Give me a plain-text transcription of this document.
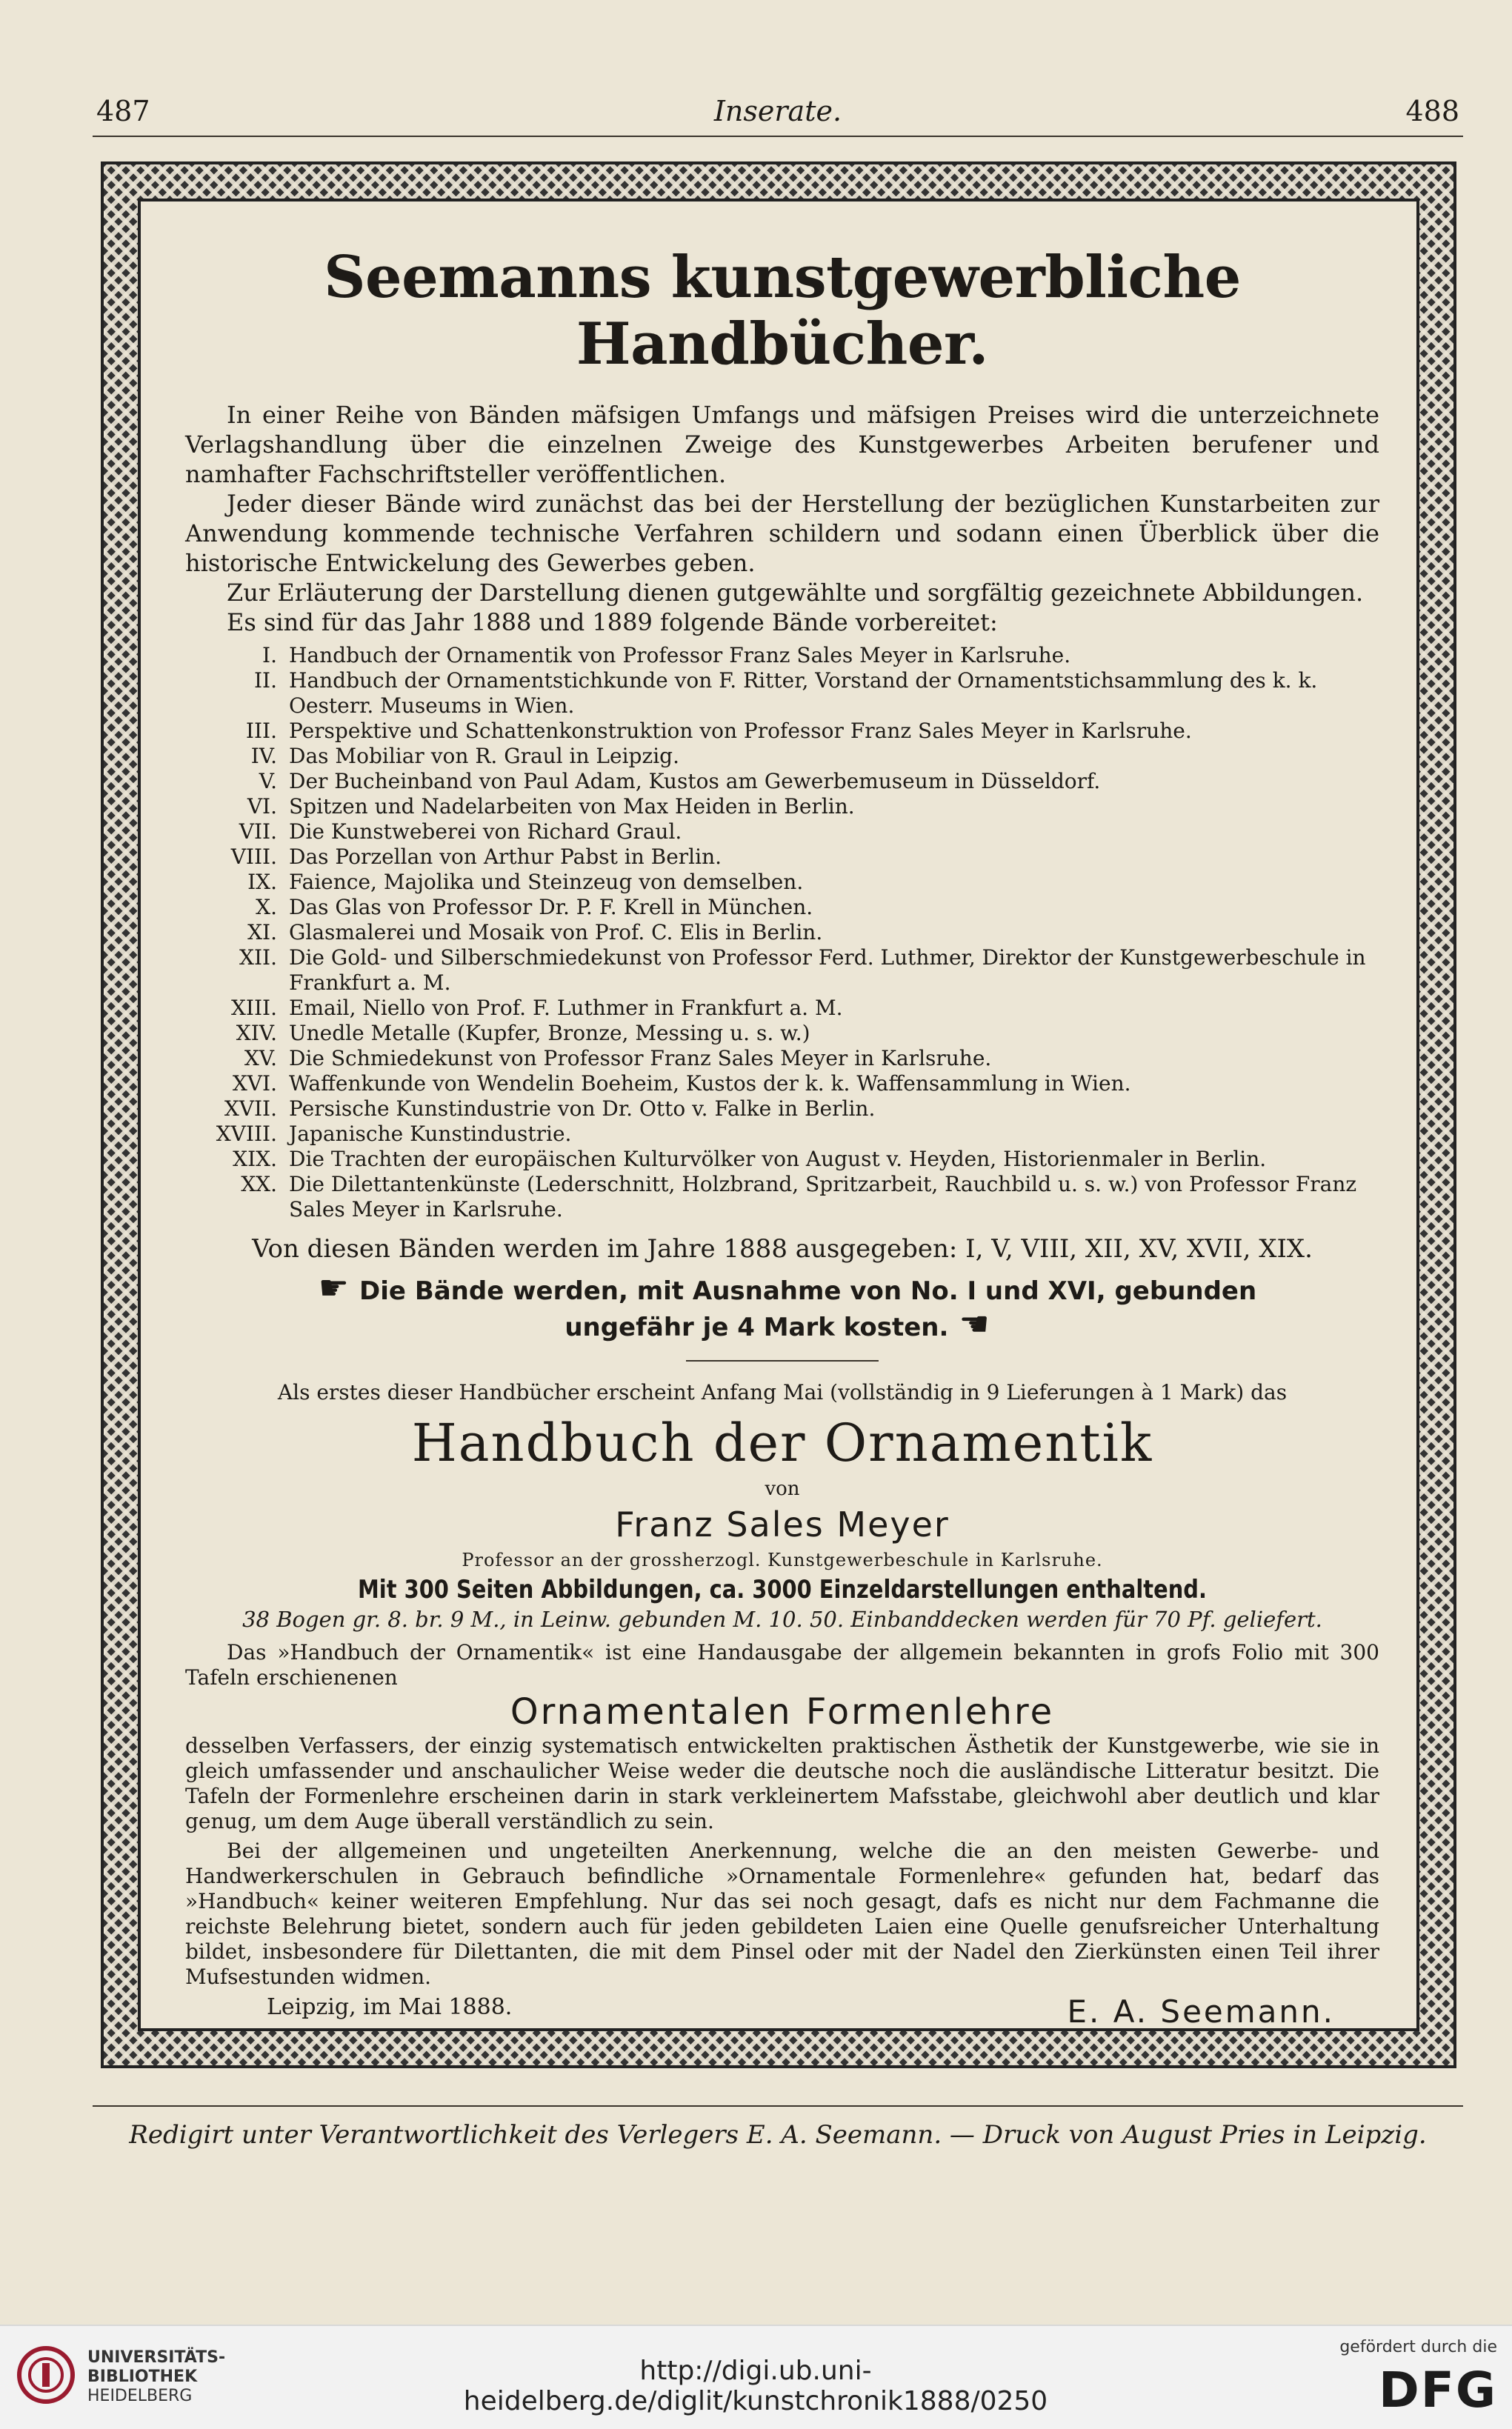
487	Inserate.	488
Seemanns kunstgewerbliche Handbücher.

In einer Reihe von Bänden mäfsigen Umfangs und mäfsigen Preises wird die unterzeichnete Verlagshandlung über die einzelnen Zweige des Kunstgewerbes Arbeiten berufener und namhafter Fachschriftsteller veröffentlichen.

Jeder dieser Bände wird zunächst das bei der Herstellung der bezüglichen Kunstarbeiten zur Anwendung kommende technische Verfahren schildern und sodann einen Überblick über die historische Entwickelung des Gewerbes geben.

Zur Erläuterung der Darstellung dienen gutgewählte und sorgfältig gezeichnete Abbildungen.

Es sind für das Jahr 1888 und 1889 folgende Bände vorbereitet:

I. Handbuch der Ornamentik von Professor Franz Sales Meyer in Karlsruhe.
II. Handbuch der Ornamentstichkunde von F. Ritter, Vorstand der Ornamentstichsammlung des k. k. Oesterr. Museums in Wien.
III. Perspektive und Schattenkonstruktion von Professor Franz Sales Meyer in Karlsruhe.
IV. Das Mobiliar von R. Graul in Leipzig.
V. Der Bucheinband von Paul Adam, Kustos am Gewerbemuseum in Düsseldorf.
VI. Spitzen und Nadelarbeiten von Max Heiden in Berlin.
VII. Die Kunstweberei von Richard Graul.
VIII. Das Porzellan von Arthur Pabst in Berlin.
IX. Faience, Majolika und Steinzeug von demselben.
X. Das Glas von Professor Dr. P. F. Krell in München.
XI. Glasmalerei und Mosaik von Prof. C. Elis in Berlin.
XII. Die Gold- und Silberschmiedekunst von Professor Ferd. Luthmer, Direktor der Kunstgewerbeschule in Frankfurt a. M.
XIII. Email, Niello von Prof. F. Luthmer in Frankfurt a. M.
XIV. Unedle Metalle (Kupfer, Bronze, Messing u. s. w.)
XV. Die Schmiedekunst von Professor Franz Sales Meyer in Karlsruhe.
XVI. Waffenkunde von Wendelin Boeheim, Kustos der k. k. Waffensammlung in Wien.
XVII. Persische Kunstindustrie von Dr. Otto v. Falke in Berlin.
XVIII. Japanische Kunstindustrie.
XIX. Die Trachten der europäischen Kulturvölker von August v. Heyden, Historienmaler in Berlin.
XX. Die Dilettantenkünste (Lederschnitt, Holzbrand, Spritzarbeit, Rauchbild u. s. w.) von Professor Franz Sales Meyer in Karlsruhe.
Von diesen Bänden werden im Jahre 1888 ausgegeben: I, V, VIII, XII, XV, XVII, XIX.
☛ Die Bände werden, mit Ausnahme von No. I und XVI, gebunden
ungefähr je 4 Mark kosten. ☚
Als erstes dieser Handbücher erscheint Anfang Mai (vollständig in 9 Lieferungen à 1 Mark) das
Handbuch der Ornamentik
von
Franz Sales Meyer
Professor an der grossherzogl. Kunstgewerbeschule in Karlsruhe.
Mit 300 Seiten Abbildungen, ca. 3000 Einzeldarstellungen enthaltend.
38 Bogen gr. 8. br. 9 M., in Leinw. gebunden M. 10. 50. Einbanddecken werden für 70 Pf. geliefert.

Das »Handbuch der Ornamentik« ist eine Handausgabe der allgemein bekannten in grofs Folio mit 300 Tafeln erschienenen

Ornamentalen Formenlehre

desselben Verfassers, der einzig systematisch entwickelten praktischen Ästhetik der Kunstgewerbe, wie sie in gleich umfassender und anschaulicher Weise weder die deutsche noch die ausländische Litteratur besitzt. Die Tafeln der Formenlehre erscheinen darin in stark verkleinertem Mafsstabe, gleichwohl aber deutlich und klar genug, um dem Auge überall verständlich zu sein.

Bei der allgemeinen und ungeteilten Anerkennung, welche die an den meisten Gewerbe- und Handwerkerschulen in Gebrauch befindliche »Ornamentale Formenlehre« gefunden hat, bedarf das »Handbuch« keiner weiteren Empfehlung. Nur das sei noch gesagt, dafs es nicht nur dem Fachmanne die reichste Belehrung bietet, sondern auch für jeden gebildeten Laien eine Quelle genufsreicher Unterhaltung bildet, insbesondere für Dilettanten, die mit dem Pinsel oder mit der Nadel den Zierkünsten einen Teil ihrer Mufsestunden widmen.

Leipzig, im Mai 1888.	E. A. Seemann.
Redigirt unter Verantwortlichkeit des Verlegers E. A. Seemann. — Druck von August Pries in Leipzig.
UNIVERSITÄTS-
BIBLIOTHEK
HEIDELBERG
http://digi.ub.uni-heidelberg.de/diglit/kunstchronik1888/0250
gefördert durch die
DFG
